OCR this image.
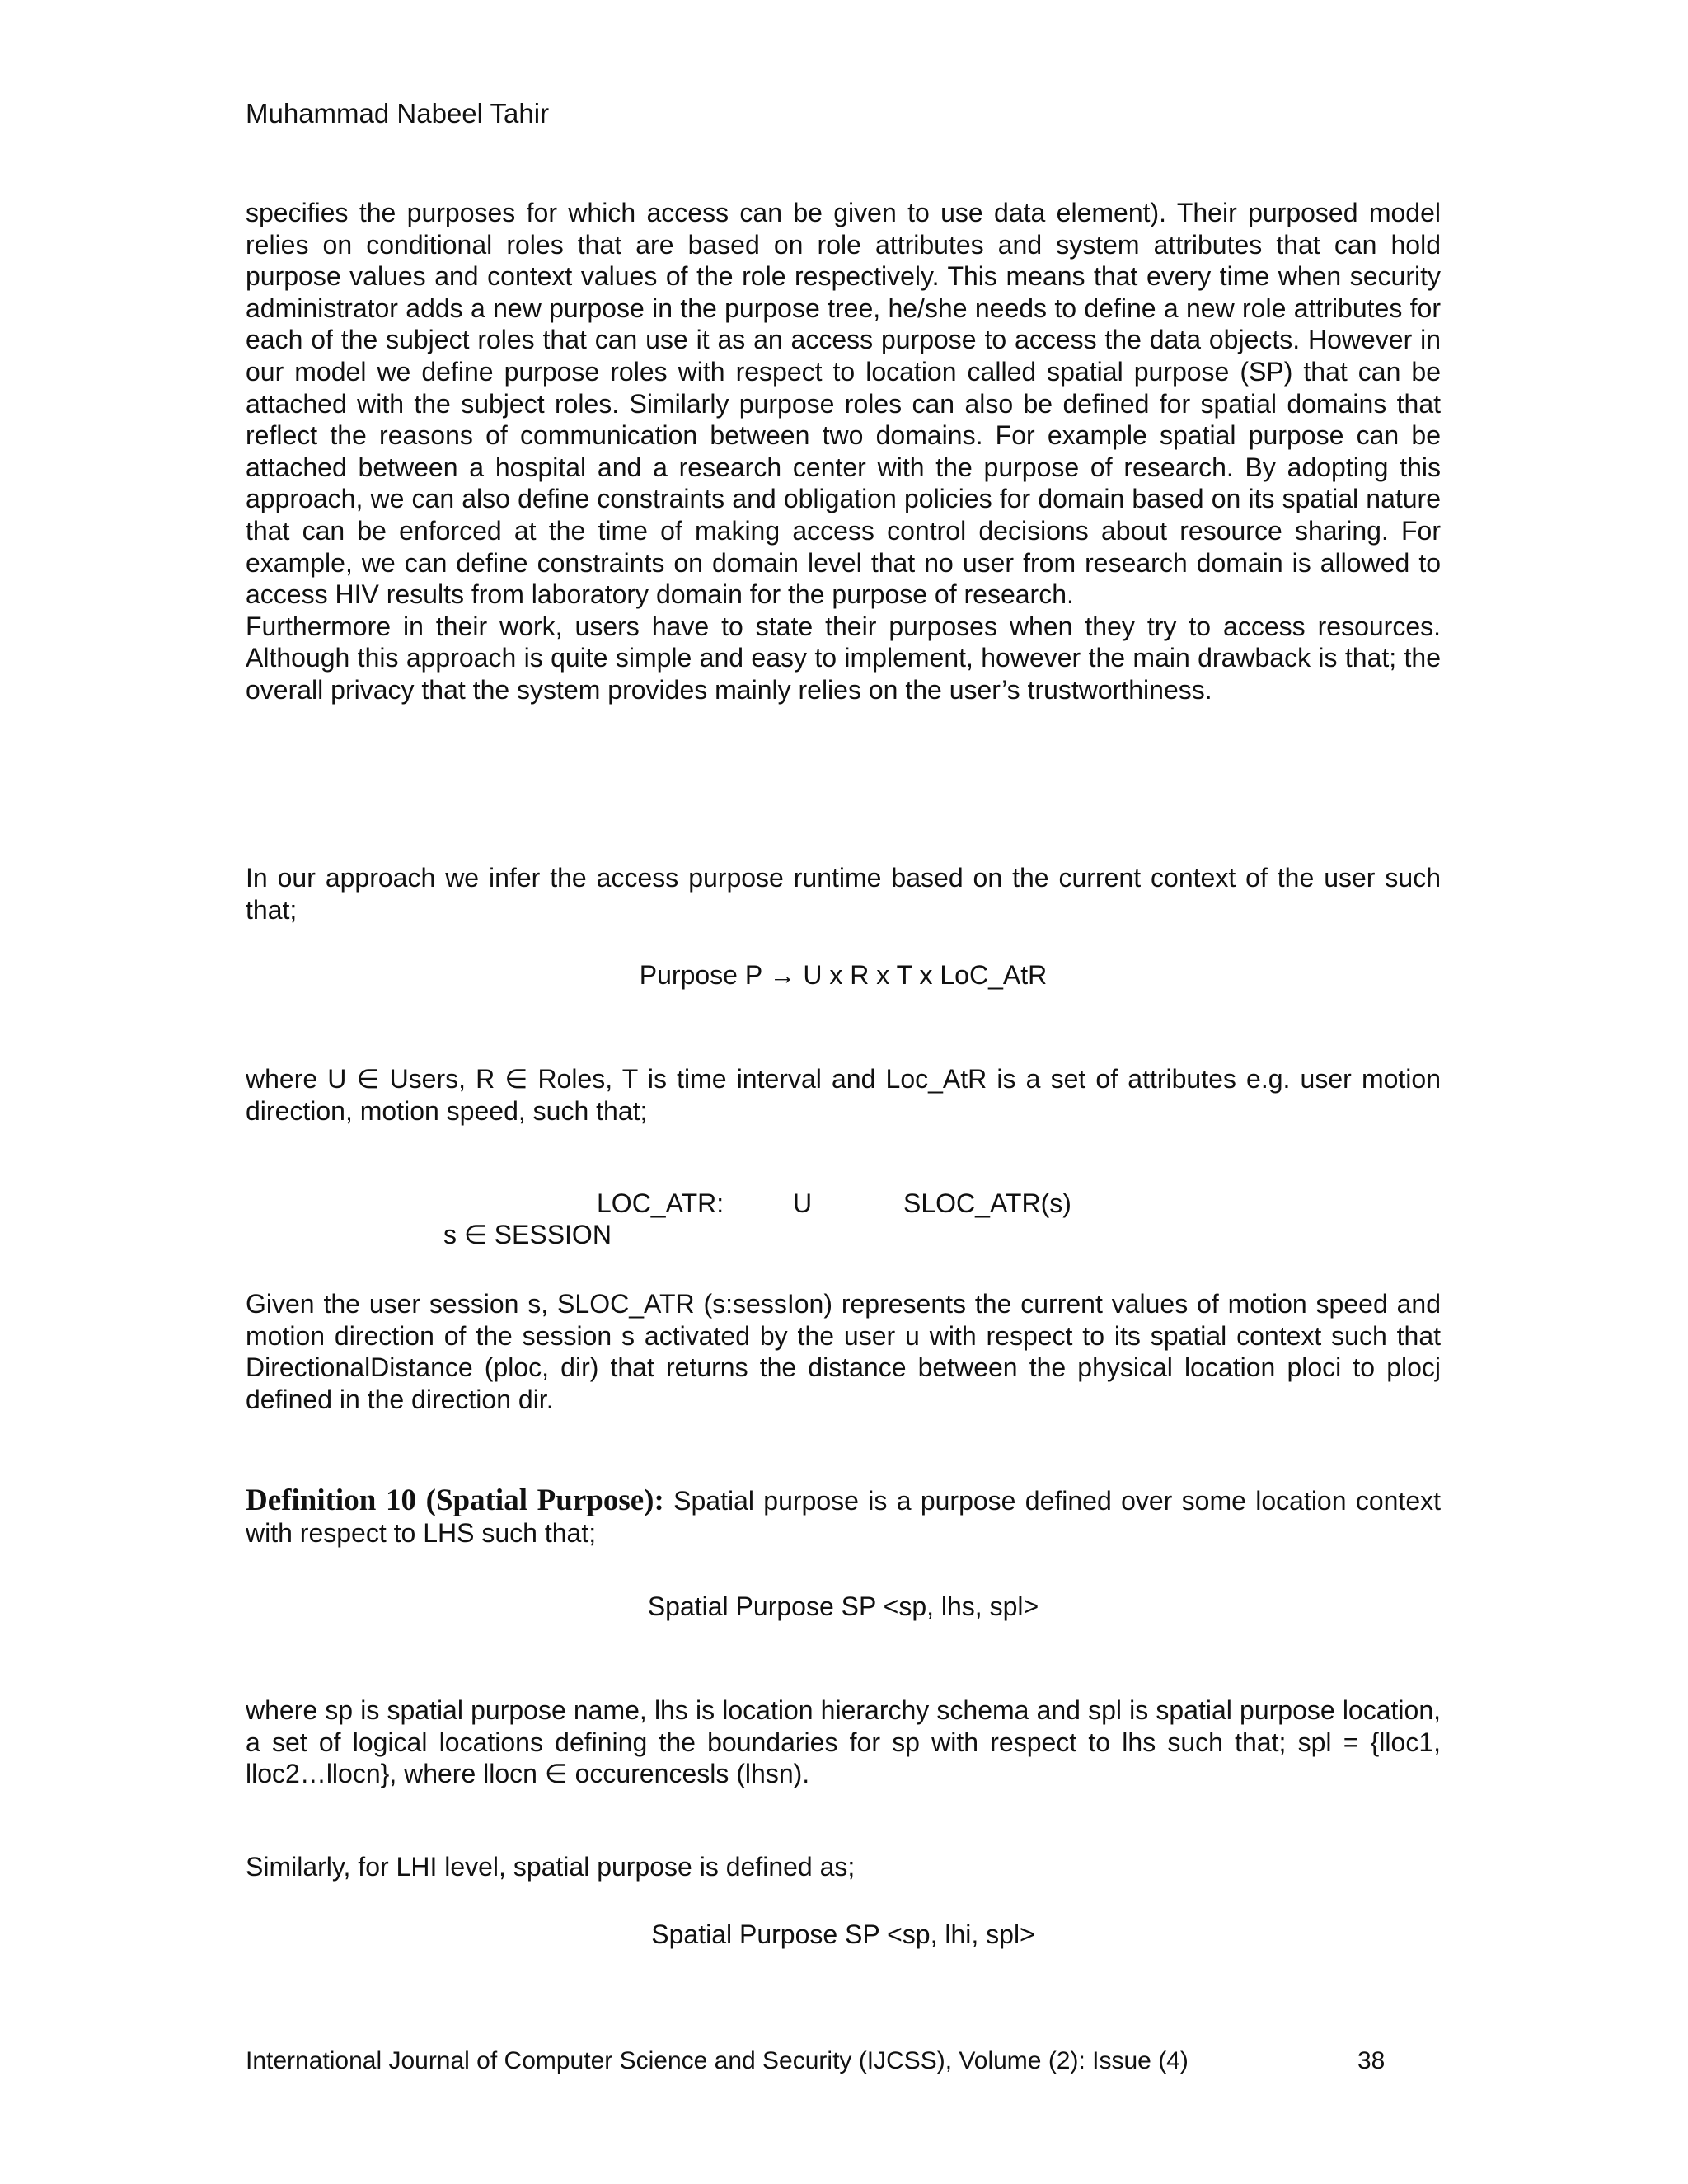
Muhammad Nabeel Tahir

specifies the purposes for which access can be given to use data element). Their purposed model relies on conditional roles that are based on role attributes and system attributes that can hold purpose values and context values of the role respectively. This means that every time when security administrator adds a new purpose in the purpose tree, he/she needs to define a new role attributes for each of the subject roles that can use it as an access purpose to access the data objects. However in our model we define purpose roles with respect to location called spatial purpose (SP) that can be attached with the subject roles. Similarly purpose roles can also be defined for spatial domains that reflect the reasons of communication between two domains. For example spatial purpose can be attached between a hospital and a research center with the purpose of research. By adopting this approach, we can also define constraints and obligation policies for domain based on its spatial nature that can be enforced at the time of making access control decisions about resource sharing. For example, we can define constraints on domain level that no user from research domain is allowed to access HIV results from laboratory domain for the purpose of research.

Furthermore in their work, users have to state their purposes when they try to access resources. Although this approach is quite simple and easy to implement, however the main drawback is that; the overall privacy that the system provides mainly relies on the user’s trustworthiness.

In our approach we infer the access purpose runtime based on the current context of the user such that;

Purpose P → U x R x T x LoC_AtR

where U ∈ Users, R ∈ Roles, T is time interval and Loc_AtR is a set of attributes e.g. user motion direction, motion speed, such that;

LOC_ATR:	U	SLOC_ATR(s)
s ∈ SESSION

Given the user session s, SLOC_ATR (s:sessIon) represents the current values of motion speed and motion direction of the session s activated by the user u with respect to its spatial context such that DirectionalDistance (ploc, dir) that returns the distance between the physical location ploci to plocj defined in the direction dir.

Definition 10 (Spatial Purpose): Spatial purpose is a purpose defined over some location context with respect to LHS such that;

Spatial Purpose SP <sp, lhs, spl>

where sp is spatial purpose name, lhs is location hierarchy schema and spl is spatial purpose location, a set of logical locations defining the boundaries for sp with respect to lhs such that; spl = {lloc1, lloc2…llocn}, where llocn ∈ occurencesls (lhsn).

Similarly, for LHI level, spatial purpose is defined as;

Spatial Purpose SP <sp, lhi, spl>
International Journal of Computer Science and Security (IJCSS), Volume (2): Issue (4)	38
